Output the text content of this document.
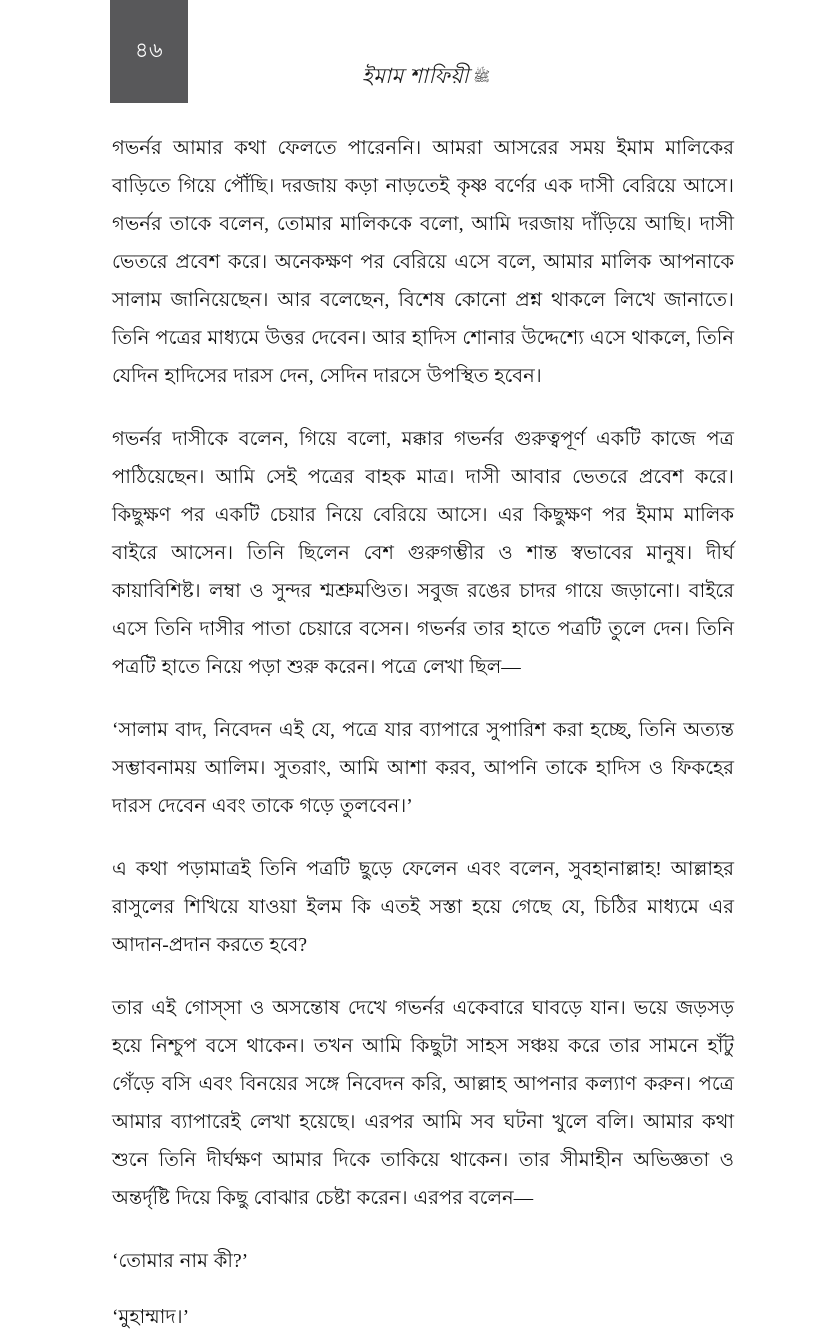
৪৬
ইমাম শাফিয়ী ﷺ

গভর্নর আমার কথা ফেলতে পারেননি। আমরা আসরের সময় ইমাম মালিকের বাড়িতে গিয়ে পৌঁছি। দরজায় কড়া নাড়তেই কৃষ্ণ বর্ণের এক দাসী বেরিয়ে আসে। গভর্নর তাকে বলেন, তোমার মালিককে বলো, আমি দরজায় দাঁড়িয়ে আছি। দাসী ভেতরে প্রবেশ করে। অনেকক্ষণ পর বেরিয়ে এসে বলে, আমার মালিক আপনাকে সালাম জানিয়েছেন। আর বলেছেন, বিশেষ কোনো প্রশ্ন থাকলে লিখে জানাতে। তিনি পত্রের মাধ্যমে উত্তর দেবেন। আর হাদিস শোনার উদ্দেশ্যে এসে থাকলে, তিনি যেদিন হাদিসের দারস দেন, সেদিন দারসে উপস্থিত হবেন।

গভর্নর দাসীকে বলেন, গিয়ে বলো, মক্কার গভর্নর গুরুত্বপূর্ণ একটি কাজে পত্র পাঠিয়েছেন। আমি সেই পত্রের বাহক মাত্র। দাসী আবার ভেতরে প্রবেশ করে। কিছুক্ষণ পর একটি চেয়ার নিয়ে বেরিয়ে আসে। এর কিছুক্ষণ পর ইমাম মালিক বাইরে আসেন। তিনি ছিলেন বেশ গুরুগম্ভীর ও শান্ত স্বভাবের মানুষ। দীর্ঘ কায়াবিশিষ্ট। লম্বা ও সুন্দর শ্মশ্রুমণ্ডিত। সবুজ রঙের চাদর গায়ে জড়ানো। বাইরে এসে তিনি দাসীর পাতা চেয়ারে বসেন। গভর্নর তার হাতে পত্রটি তুলে দেন। তিনি পত্রটি হাতে নিয়ে পড়া শুরু করেন। পত্রে লেখা ছিল—

‘সালাম বাদ, নিবেদন এই যে, পত্রে যার ব্যাপারে সুপারিশ করা হচ্ছে, তিনি অত্যন্ত সম্ভাবনাময় আলিম। সুতরাং, আমি আশা করব, আপনি তাকে হাদিস ও ফিকহের দারস দেবেন এবং তাকে গড়ে তুলবেন।’

এ কথা পড়ামাত্রই তিনি পত্রটি ছুড়ে ফেলেন এবং বলেন, সুবহানাল্লাহ! আল্লাহর রাসুলের শিখিয়ে যাওয়া ইলম কি এতই সস্তা হয়ে গেছে যে, চিঠির মাধ্যমে এর আদান-প্রদান করতে হবে?

তার এই গোস্সা ও অসন্তোষ দেখে গভর্নর একেবারে ঘাবড়ে যান। ভয়ে জড়সড় হয়ে নিশ্চুপ বসে থাকেন। তখন আমি কিছুটা সাহস সঞ্চয় করে তার সামনে হাঁটু গেঁড়ে বসি এবং বিনয়ের সঙ্গে নিবেদন করি, আল্লাহ আপনার কল্যাণ করুন। পত্রে আমার ব্যাপারেই লেখা হয়েছে। এরপর আমি সব ঘটনা খুলে বলি। আমার কথা শুনে তিনি দীর্ঘক্ষণ আমার দিকে তাকিয়ে থাকেন। তার সীমাহীন অভিজ্ঞতা ও অন্তর্দৃষ্টি দিয়ে কিছু বোঝার চেষ্টা করেন। এরপর বলেন—

‘তোমার নাম কী?’

‘মুহাম্মাদ।’
